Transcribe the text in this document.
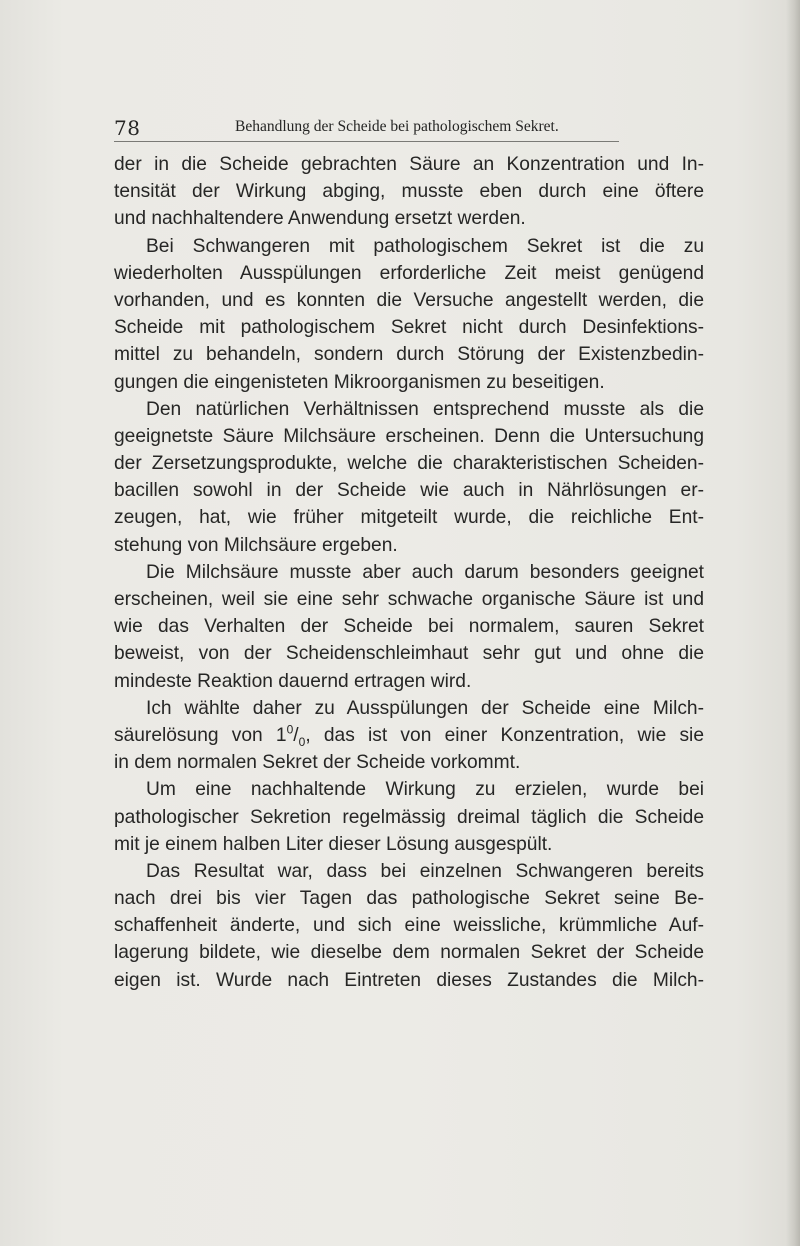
78	Behandlung der Scheide bei pathologischem Sekret.
der in die Scheide gebrachten Säure an Konzentration und In-
tensität der Wirkung abging, musste eben durch eine öftere
und nachhaltendere Anwendung ersetzt werden.
Bei Schwangeren mit pathologischem Sekret ist die zu
wiederholten Ausspülungen erforderliche Zeit meist genügend
vorhanden, und es konnten die Versuche angestellt werden, die
Scheide mit pathologischem Sekret nicht durch Desinfektions-
mittel zu behandeln, sondern durch Störung der Existenzbedin-
gungen die eingenisteten Mikroorganismen zu beseitigen.
Den natürlichen Verhältnissen entsprechend musste als die
geeignetste Säure Milchsäure erscheinen. Denn die Untersuchung
der Zersetzungsprodukte, welche die charakteristischen Scheiden-
bacillen sowohl in der Scheide wie auch in Nährlösungen er-
zeugen, hat, wie früher mitgeteilt wurde, die reichliche Ent-
stehung von Milchsäure ergeben.
Die Milchsäure musste aber auch darum besonders geeignet
erscheinen, weil sie eine sehr schwache organische Säure ist und
wie das Verhalten der Scheide bei normalem, sauren Sekret
beweist, von der Scheidenschleimhaut sehr gut und ohne die
mindeste Reaktion dauernd ertragen wird.
Ich wählte daher zu Ausspülungen der Scheide eine Milch-
säurelösung von $1^0/_0$, das ist von einer Konzentration, wie sie
in dem normalen Sekret der Scheide vorkommt.
Um eine nachhaltende Wirkung zu erzielen, wurde bei
pathologischer Sekretion regelmässig dreimal täglich die Scheide
mit je einem halben Liter dieser Lösung ausgespült.
Das Resultat war, dass bei einzelnen Schwangeren bereits
nach drei bis vier Tagen das pathologische Sekret seine Be-
schaffenheit änderte, und sich eine weissliche, krümmliche Auf-
lagerung bildete, wie dieselbe dem normalen Sekret der Scheide
eigen ist. Wurde nach Eintreten dieses Zustandes die Milch-
